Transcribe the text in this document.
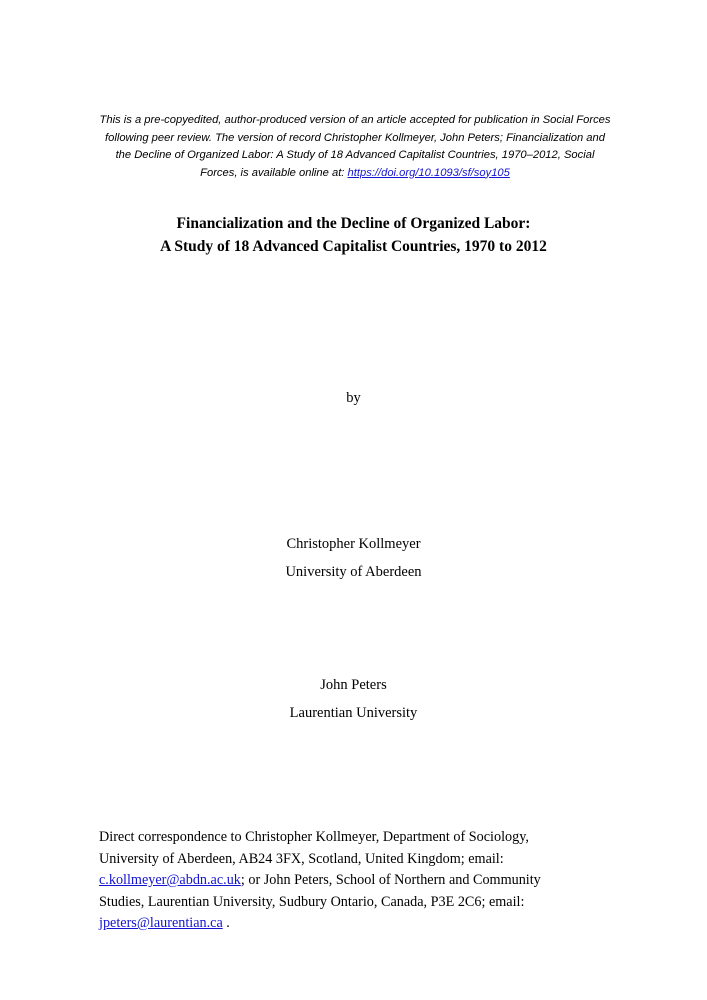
This is a pre-copyedited, author-produced version of an article accepted for publication in Social Forces following peer review. The version of record Christopher Kollmeyer, John Peters; Financialization and the Decline of Organized Labor: A Study of 18 Advanced Capitalist Countries, 1970–2012, Social Forces, is available online at: https://doi.org/10.1093/sf/soy105
Financialization and the Decline of Organized Labor:
A Study of 18 Advanced Capitalist Countries, 1970 to 2012
by
Christopher Kollmeyer
University of Aberdeen
John Peters
Laurentian University
Direct correspondence to Christopher Kollmeyer, Department of Sociology, University of Aberdeen, AB24 3FX, Scotland, United Kingdom; email: c.kollmeyer@abdn.ac.uk; or John Peters, School of Northern and Community Studies, Laurentian University, Sudbury Ontario, Canada, P3E 2C6; email: jpeters@laurentian.ca .
